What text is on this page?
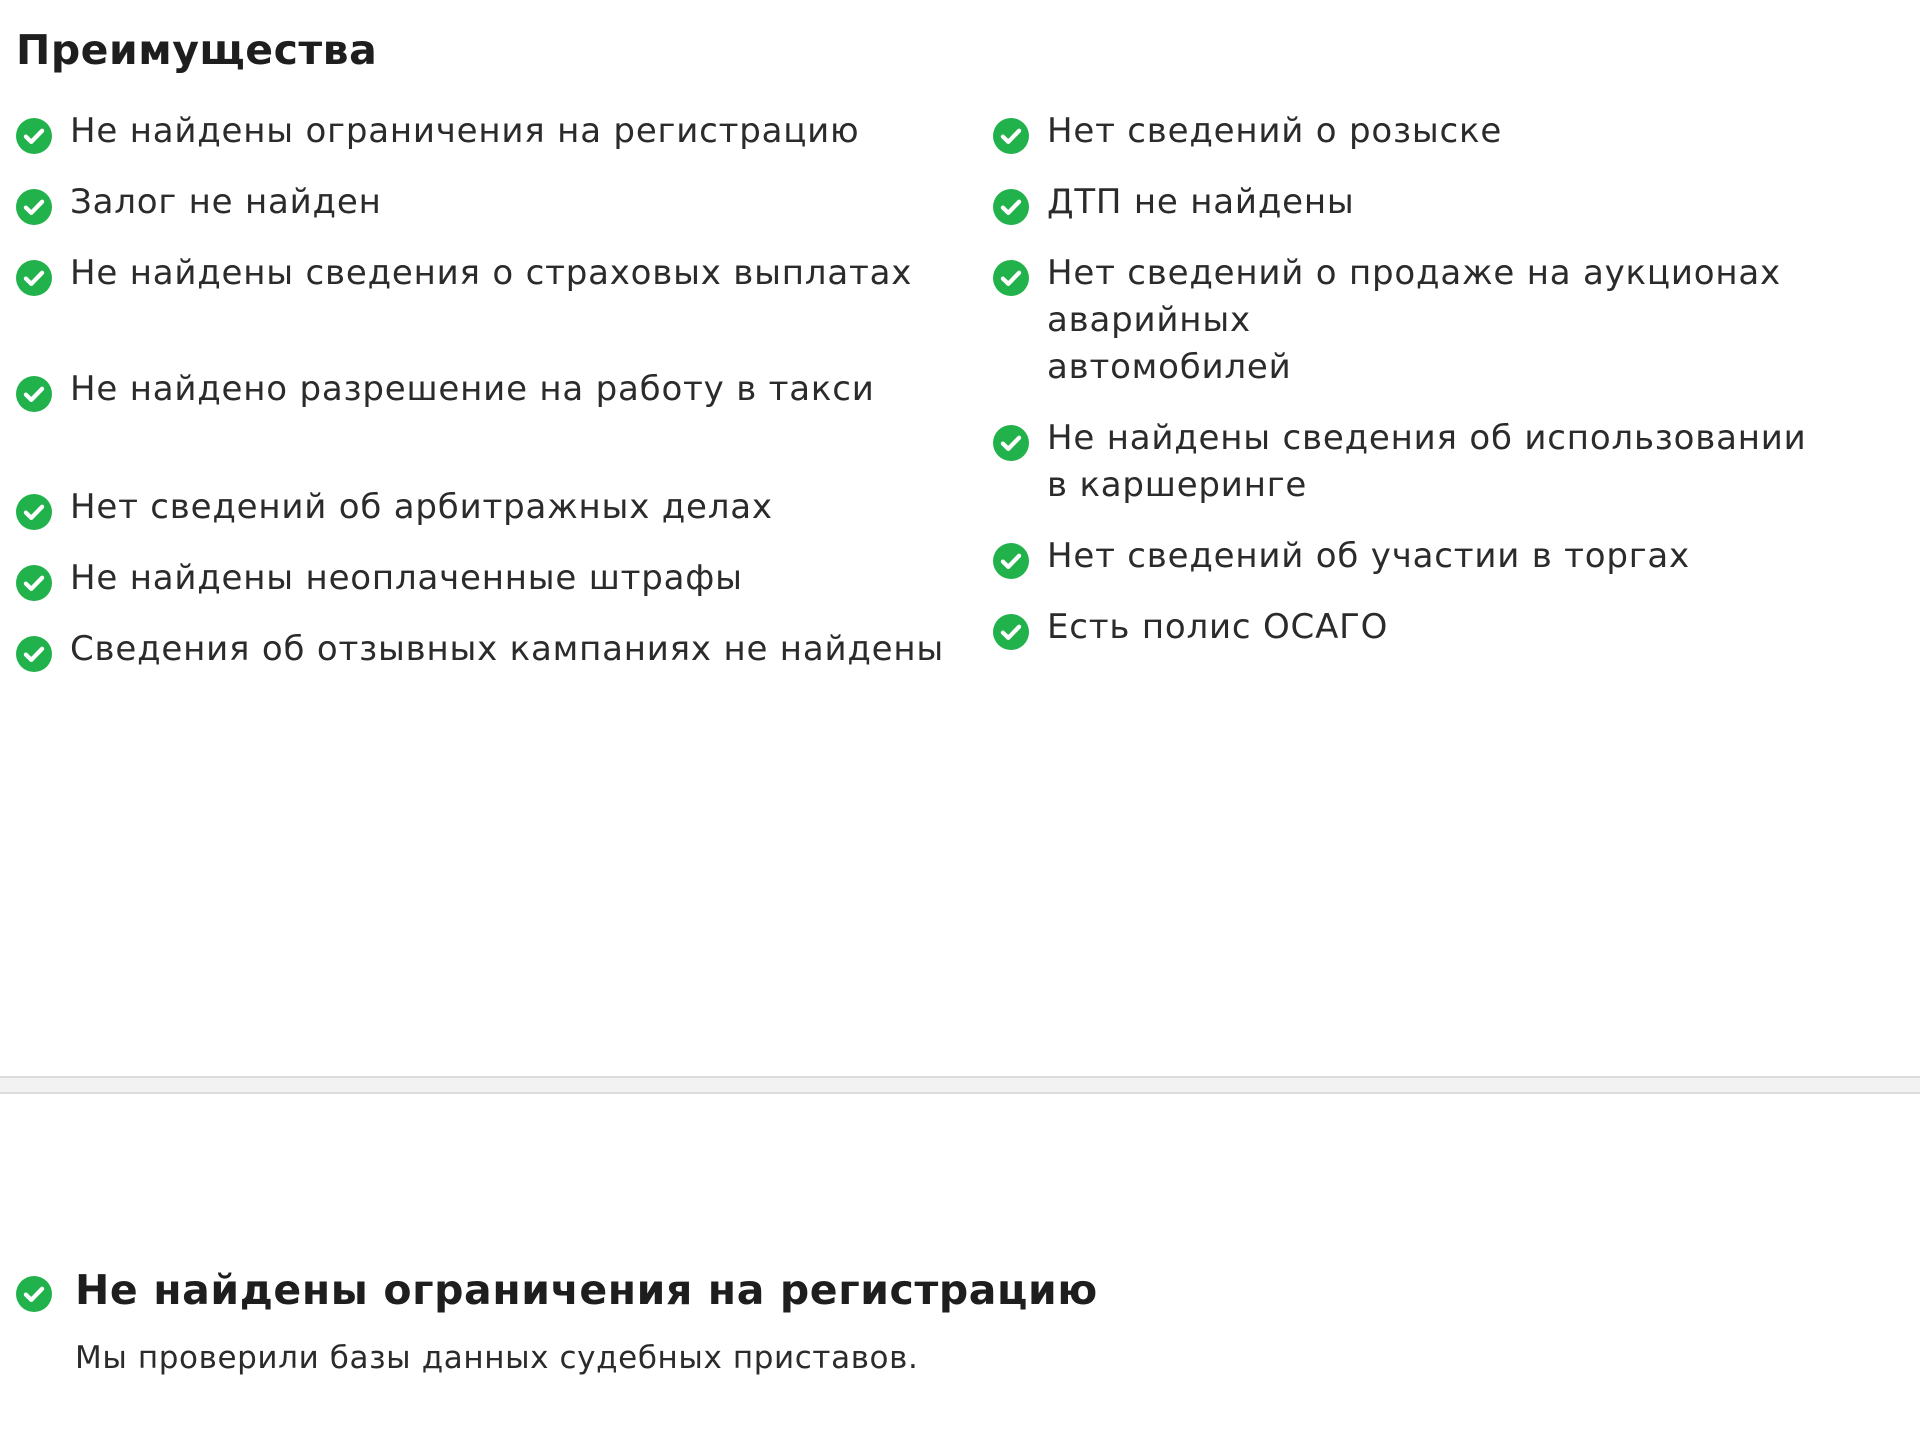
Преимущества
Не найдены ограничения на регистрацию
Залог не найден
Не найдены сведения о страховых выплатах
Не найдено разрешение на работу в такси
Нет сведений об арбитражных делах
Не найдены неоплаченные штрафы
Сведения об отзывных кампаниях не найдены
Нет сведений о розыске
ДТП не найдены
Нет сведений о продаже на аукционах аварийных
автомобилей
Не найдены сведения об использовании
в каршеринге
Нет сведений об участии в торгах
Есть полис ОСАГО
Не найдены ограничения на регистрацию

Мы проверили базы данных судебных приставов.
